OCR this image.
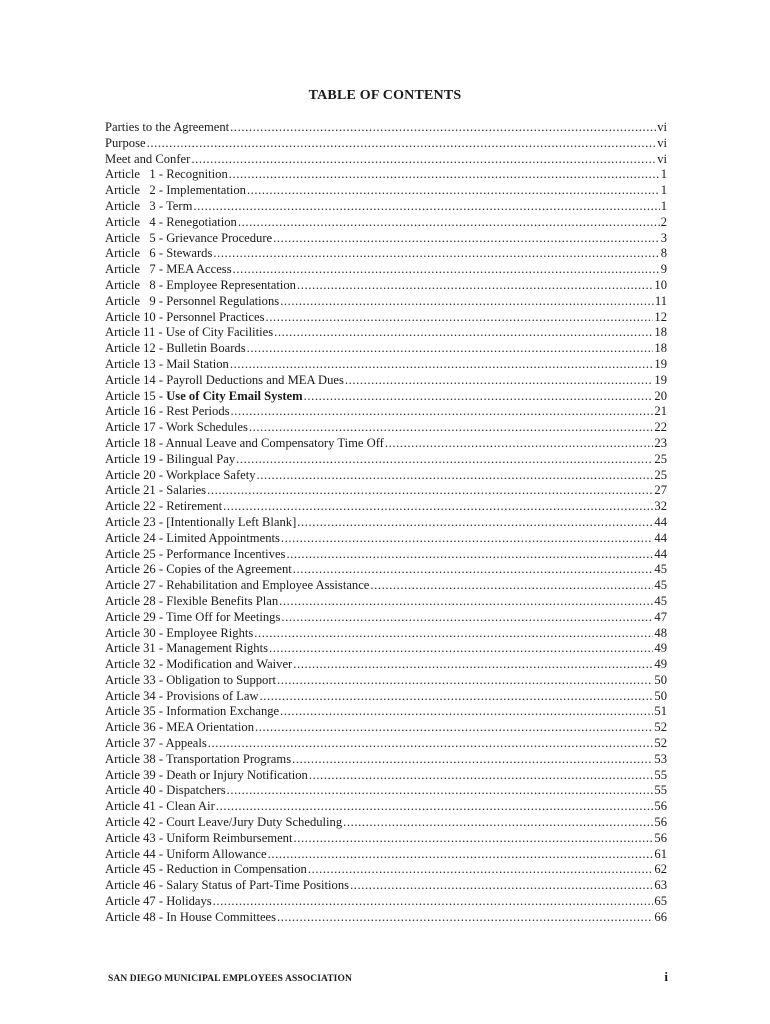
TABLE OF CONTENTS
Parties to the Agreement .....	vi
Purpose .....	vi
Meet and Confer .....	vi
Article   1 - Recognition .....	1
Article   2 - Implementation .....	1
Article   3 - Term .....	1
Article   4 - Renegotiation .....	2
Article   5 - Grievance Procedure .....	3
Article   6 - Stewards .....	8
Article   7 - MEA Access .....	9
Article   8 - Employee Representation .....	10
Article   9 - Personnel Regulations .....	11
Article 10 - Personnel Practices .....	12
Article 11 - Use of City Facilities .....	18
Article 12 - Bulletin Boards .....	18
Article 13 - Mail Station .....	19
Article 14 - Payroll Deductions and MEA Dues .....	19
Article 15 - Use of City Email System .....	20
Article 16 - Rest Periods .....	21
Article 17 - Work Schedules .....	22
Article 18 - Annual Leave and Compensatory Time Off .....	23
Article 19 - Bilingual Pay .....	25
Article 20 - Workplace Safety .....	25
Article 21 - Salaries .....	27
Article 22 - Retirement .....	32
Article 23 - [Intentionally Left Blank] .....	44
Article 24 - Limited Appointments .....	44
Article 25 - Performance Incentives .....	44
Article 26 - Copies of the Agreement .....	45
Article 27 - Rehabilitation and Employee Assistance .....	45
Article 28 - Flexible Benefits Plan .....	45
Article 29 - Time Off for Meetings .....	47
Article 30 - Employee Rights .....	48
Article 31 - Management Rights .....	49
Article 32 - Modification and Waiver .....	49
Article 33 - Obligation to Support .....	50
Article 34 - Provisions of Law .....	50
Article 35 - Information Exchange .....	51
Article 36 - MEA Orientation .....	52
Article 37 - Appeals .....	52
Article 38 - Transportation Programs .....	53
Article 39 - Death or Injury Notification .....	55
Article 40 - Dispatchers .....	55
Article 41 - Clean Air .....	56
Article 42 - Court Leave/Jury Duty Scheduling .....	56
Article 43 - Uniform Reimbursement .....	56
Article 44 - Uniform Allowance .....	61
Article 45 - Reduction in Compensation .....	62
Article 46 - Salary Status of Part-Time Positions .....	63
Article 47 - Holidays .....	65
Article 48 - In House Committees .....	66
SAN DIEGO MUNICIPAL EMPLOYEES ASSOCIATION	i
